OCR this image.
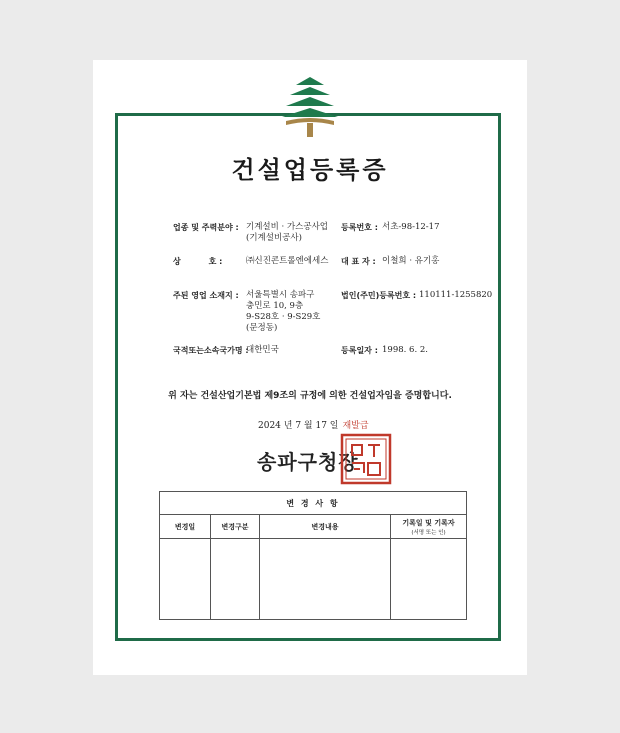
건설업등록증
업종 및 주력분야 : 기계설비 · 가스공사업
(기계설비공사)
등록번호 : 서초-98-12-17
상          호 :	㈜신진콘트롤엔에세스 대 표 자 : 이철희 · 유기홍
주된 영업 소재지 : 서울특별시 송파구
충민로 10, 9층
9-S28호 · 9-S29호
(문정동)
법인(주민)등록번호 : 110111-1255820
국적또는소속국가명 :
대한민국	등록일자 : 1998. 6. 2.
위 자는 건설산업기본법 제9조의 규정에 의한 건설업자임을 증명합니다.
2024 년 7 월 17 일 재발급
송파구청장
변 경 사 항			
변경일	변경구분	변경내용	기록일 및 기록자
(서명 또는 인)
